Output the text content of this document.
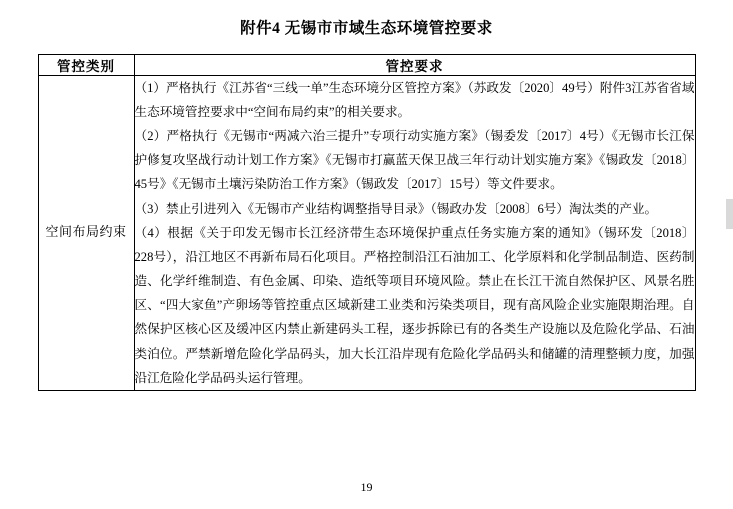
附件4 无锡市市域生态环境管控要求
管控类别	管控要求
空间布局约束	（1）严格执行《江苏省“三线一单”生态环境分区管控方案》（苏政发〔2020〕49号）附件3江苏省省域生态环境管控要求中“空间布局约束”的相关要求。

（2）严格执行《无锡市“两减六治三提升”专项行动实施方案》（锡委发〔2017〕4号）《无锡市长江保护修复攻坚战行动计划工作方案》《无锡市打赢蓝天保卫战三年行动计划实施方案》《锡政发〔2018〕45号》《无锡市土壤污染防治工作方案》（锡政发〔2017〕15号）等文件要求。

（3）禁止引进列入《无锡市产业结构调整指导目录》（锡政办发〔2008〕6号）淘汰类的产业。

（4）根据《关于印发无锡市长江经济带生态环境保护重点任务实施方案的通知》（锡环发〔2018〕228号），沿江地区不再新布局石化项目。严格控制沿江石油加工、化学原料和化学制品制造、医药制造、化学纤维制造、有色金属、印染、造纸等项目环境风险。禁止在长江干流自然保护区、风景名胜区、“四大家鱼”产卵场等管控重点区域新建工业类和污染类项目，现有高风险企业实施限期治理。自然保护区核心区及缓冲区内禁止新建码头工程，逐步拆除已有的各类生产设施以及危险化学品、石油类泊位。严禁新增危险化学品码头，加大长江沿岸现有危险化学品码头和储罐的清理整顿力度，加强沿江危险化学品码头运行管理。

19
